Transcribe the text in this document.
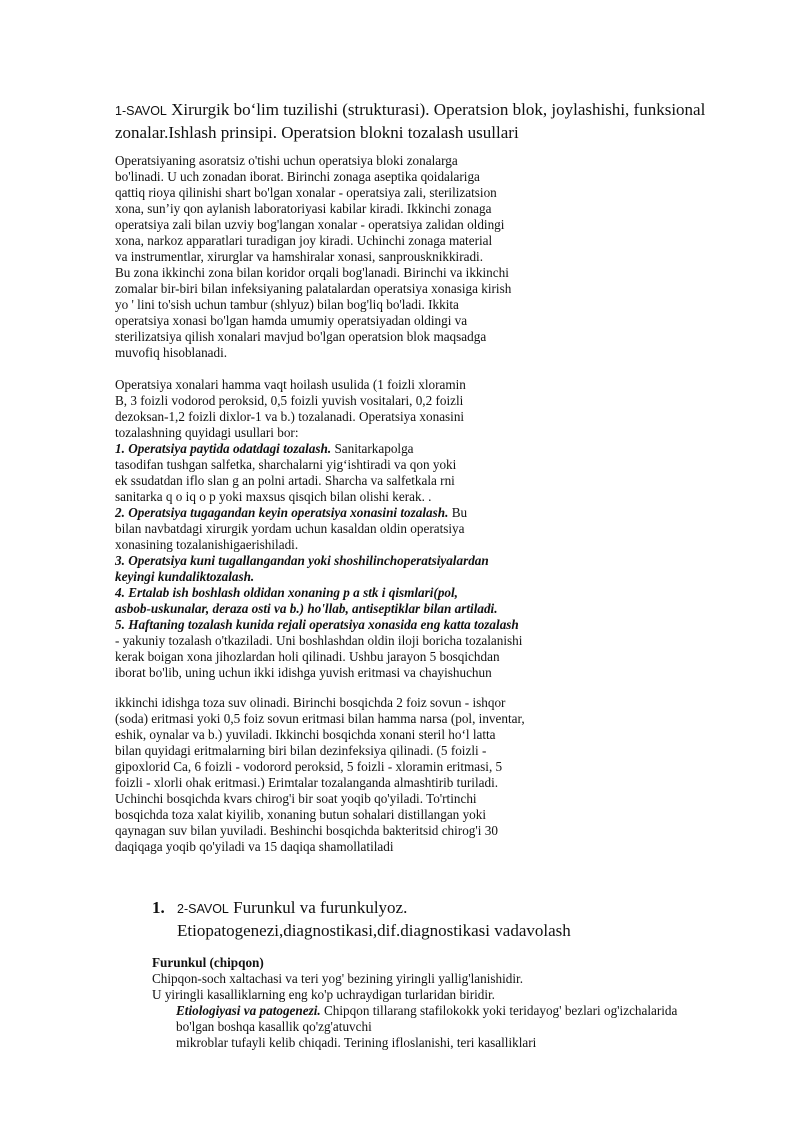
1-SAVOL Xirurgik bo‘lim tuzilishi (strukturasi). Operatsion blok, joylashishi, funksional
zonalar.Ishlash prinsipi. Operatsion blokni tozalash usullari
Operatsiyaning asoratsiz o'tishi uchun operatsiya bloki zonalarga
bo'linadi. U uch zonadan iborat. Birinchi zonaga aseptika qoidalariga
qattiq rioya qilinishi shart bo'lgan xonalar - operatsiya zali, sterilizatsion
xona, sun’iy qon aylanish laboratoriyasi kabilar kiradi. Ikkinchi zonaga
operatsiya zali bilan uzviy bog'langan xonalar - operatsiya zalidan oldingi
xona, narkoz apparatlari turadigan joy kiradi. Uchinchi zonaga material
va instrumentlar, xirurglar va hamshiralar xonasi, sanprousknikkiradi.
Bu zona ikkinchi zona bilan koridor orqali bog'lanadi. Birinchi va ikkinchi
zomalar bir-biri bilan infeksiyaning palatalardan operatsiya xonasiga kirish
yo ' lini to'sish uchun tambur (shlyuz) bilan bog'liq bo'ladi. Ikkita
operatsiya xonasi bo'lgan hamda umumiy operatsiyadan oldingi va
sterilizatsiya qilish xonalari mavjud bo'lgan operatsion blok maqsadga
muvofiq hisoblanadi.
Operatsiya xonalari hamma vaqt hoilash usulida (1 foizli xloramin
B, 3 foizli vodorod peroksid, 0,5 foizli yuvish vositalari, 0,2 foizli
dezoksan-1,2 foizli dixlor-1 va b.) tozalanadi. Operatsiya xonasini
tozalashning quyidagi usullari bor:
1. Operatsiya paytida odatdagi tozalash. Sanitarkapolga
tasodifan tushgan salfetka, sharchalarni yig‘ishtiradi va qon yoki
ek ssudatdan iflo slan g an polni artadi. Sharcha va salfetkala rni
sanitarka q o iq o p yoki maxsus qisqich bilan olishi kerak. .
2. Operatsiya tugagandan keyin operatsiya xonasini tozalash. Bu
bilan navbatdagi xirurgik yordam uchun kasaldan oldin operatsiya
xonasining tozalanishigaerishiladi.
3. Operatsiya kuni tugallangandan yoki shoshilinchoperatsiyalardan
keyingi kundaliktozalash.
4. Ertalab ish boshlash oldidan xonaning p a stk i qismlari(pol,
asbob-uskunalar, deraza osti va b.) ho'llab, antiseptiklar bilan artiladi.
5. Haftaning tozalash kunida rejali operatsiya xonasida eng katta tozalash
- yakuniy tozalash o'tkaziladi. Uni boshlashdan oldin iloji boricha tozalanishi
kerak boigan xona jihozlardan holi qilinadi. Ushbu jarayon 5 bosqichdan
iborat bo'lib, uning uchun ikki idishga yuvish eritmasi va chayishuchun
ikkinchi idishga toza suv olinadi. Birinchi bosqichda 2 foiz sovun - ishqor
(soda) eritmasi yoki 0,5 foiz sovun eritmasi bilan hamma narsa (pol, inventar,
eshik, oynalar va b.) yuviladi. Ikkinchi bosqichda xonani steril ho‘l latta
bilan quyidagi eritmalarning biri bilan dezinfeksiya qilinadi. (5 foizli -
gipoxlorid Ca, 6 foizli - vodorord peroksid, 5 foizli - xloramin eritmasi, 5
foizli - xlorli ohak eritmasi.) Erimtalar tozalanganda almashtirib turiladi.
Uchinchi bosqichda kvars chirog'i bir soat yoqib qo'yiladi. To'rtinchi
bosqichda toza xalat kiyilib, xonaning butun sohalari distillangan yoki
qaynagan suv bilan yuviladi. Beshinchi bosqichda bakteritsid chirog'i 30
daqiqaga yoqib qo'yiladi va 15 daqiqa shamollatiladi
1. 2-SAVOL Furunkul va furunkulyoz.
Etiopatogenezi,diagnostikasi,dif.diagnostikasi vadavolash
Furunkul (chipqon)
Chipqon-soch xaltachasi va teri yog' bezining yiringli yallig'lanishidir.
U yiringli kasalliklarning eng ko'p uchraydigan turlaridan biridir.
Etiologiyasi va patogenezi. Chipqon tillarang stafilokokk yoki teridayog' bezlari og'izchalarida
bo'lgan boshqa kasallik qo'zg'atuvchi
mikroblar tufayli kelib chiqadi. Terining ifloslanishi, teri kasalliklari
